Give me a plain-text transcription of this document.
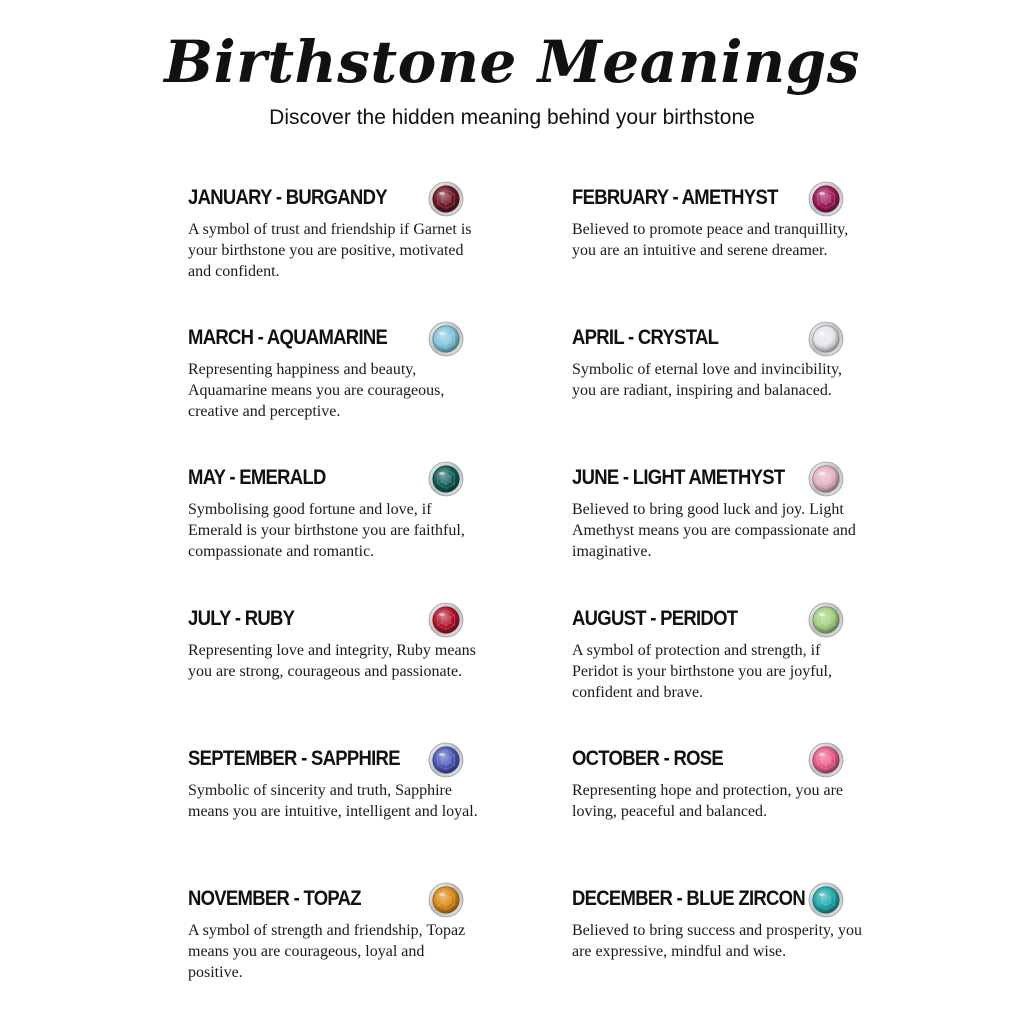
Birthstone Meanings

Discover the hidden meaning behind your birthstone

JANUARY - BURGANDY
A symbol of trust and friendship if Garnet is your birthstone you are positive, motivated and confident.
FEBRUARY - AMETHYST
Believed to promote peace and tranquillity, you are an intuitive and serene dreamer.
MARCH - AQUAMARINE
Representing happiness and beauty, Aquamarine means you are courageous, creative and perceptive.
APRIL - CRYSTAL
Symbolic of eternal love and invincibility, you are radiant, inspiring and balanaced.
MAY - EMERALD
Symbolising good fortune and love, if Emerald is your birthstone you are faithful, compassionate and romantic.
JUNE - LIGHT AMETHYST
Believed to bring good luck and joy. Light Amethyst means you are compassionate and imaginative.
JULY - RUBY
Representing love and integrity, Ruby means you are strong, courageous and passionate.
AUGUST - PERIDOT
A symbol of protection and strength, if Peridot is your birthstone you are joyful, confident and brave.
SEPTEMBER - SAPPHIRE
Symbolic of sincerity and truth, Sapphire means you are intuitive, intelligent and loyal.
OCTOBER - ROSE
Representing hope and protection, you are loving, peaceful and balanced.
NOVEMBER - TOPAZ
A symbol of strength and friendship, Topaz means you are courageous, loyal and positive.
DECEMBER - BLUE ZIRCON
Believed to bring success and prosperity, you are expressive, mindful and wise.
